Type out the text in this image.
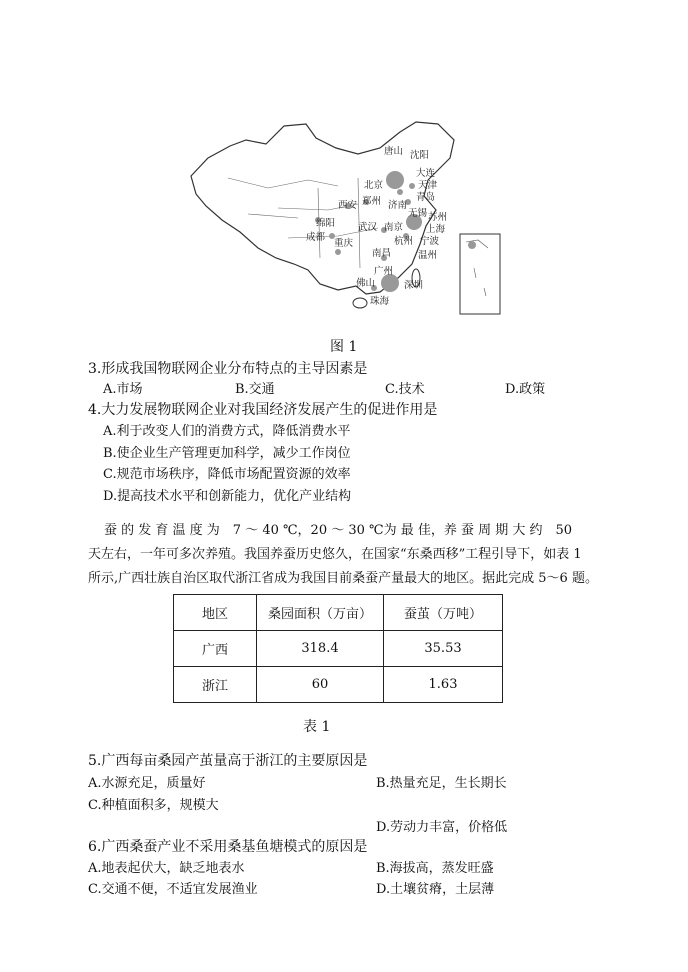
唐山 沈阳
大连
天津
青岛
北京
西安 郑州 济南
无锡 苏州
上海
宁波
绵阳
成都
武汉 南京
杭州
温州
重庆
南昌
广州
深圳
佛山
珠海
图 1
3.形成我国物联网企业分布特点的主导因素是
A.市场	B.交通	C.技术	D.政策
4.大力发展物联网企业对我国经济发展产生的促进作用是
A.利于改变人们的消费方式，降低消费水平
B.使企业生产管理更加科学，减少工作岗位
C.规范市场秩序，降低市场配置资源的效率
D.提高技术水平和创新能力，优化产业结构
蚕 的 发 育 温 度 为　7 ～ 40 ℃，20 ～ 30 ℃为 最 佳，养 蚕 周 期 大 约　50
天左右，一年可多次养殖。我国养蚕历史悠久，在国家“东桑西移”工程引导下，如表 1
所示,广西壮族自治区取代浙江省成为我国目前桑蚕产量最大的地区。据此完成 5～6 题。
地区	桑园面积（万亩）	蚕茧（万吨）
广西	318.4	35.53
浙江	60	1.63
表 1
5.广西每亩桑园产茧量高于浙江的主要原因是
A.水源充足，质量好	B.热量充足，生长期长
C.种植面积多，规模大
D.劳动力丰富，价格低
6.广西桑蚕产业不采用桑基鱼塘模式的原因是
A.地表起伏大，缺乏地表水	B.海拔高，蒸发旺盛
C.交通不便，不适宜发展渔业	D.土壤贫瘠，土层薄
